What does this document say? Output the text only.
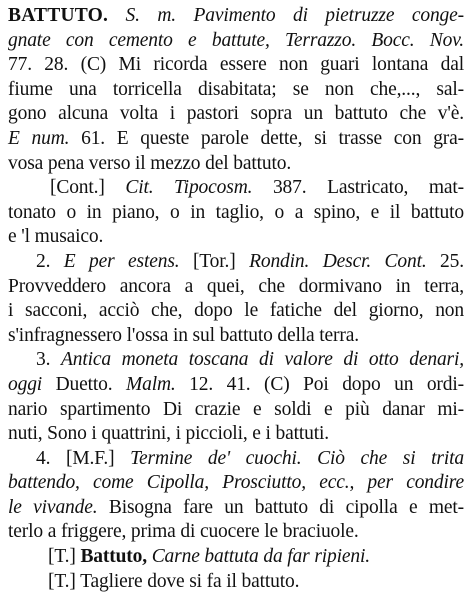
BATTUTO. S. m. Pavimento di pietruzze conge-
gnate con cemento e battute, Terrazzo. Bocc. Nov.
77. 28. (C) Mi ricorda essere non guari lontana dal
fiume una torricella disabitata; se non che,..., sal-
gono alcuna volta i pastori sopra un battuto che v'è.
E num. 61. E queste parole dette, si trasse con gra-
vosa pena verso il mezzo del battuto.
[Cont.] Cit. Tipocosm. 387. Lastricato, mat-
tonato o in piano, o in taglio, o a spino, e il battuto
e 'l musaico.
2. E per estens. [Tor.] Rondin. Descr. Cont. 25.
Provveddero ancora a quei, che dormivano in terra,
i sacconi, acciò che, dopo le fatiche del giorno, non
s'infragnessero l'ossa in sul battuto della terra.
3. Antica moneta toscana di valore di otto denari,
oggi Duetto. Malm. 12. 41. (C) Poi dopo un ordi-
nario spartimento Di crazie e soldi e più danar mi-
nuti, Sono i quattrini, i piccioli, e i battuti.
4. [M.F.] Termine de' cuochi. Ciò che si trita
battendo, come Cipolla, Prosciutto, ecc., per condire
le vivande. Bisogna fare un battuto di cipolla e met-
terlo a friggere, prima di cuocere le braciuole.
[T.] Battuto, Carne battuta da far ripieni.
[T.] Tagliere dove si fa il battuto.
